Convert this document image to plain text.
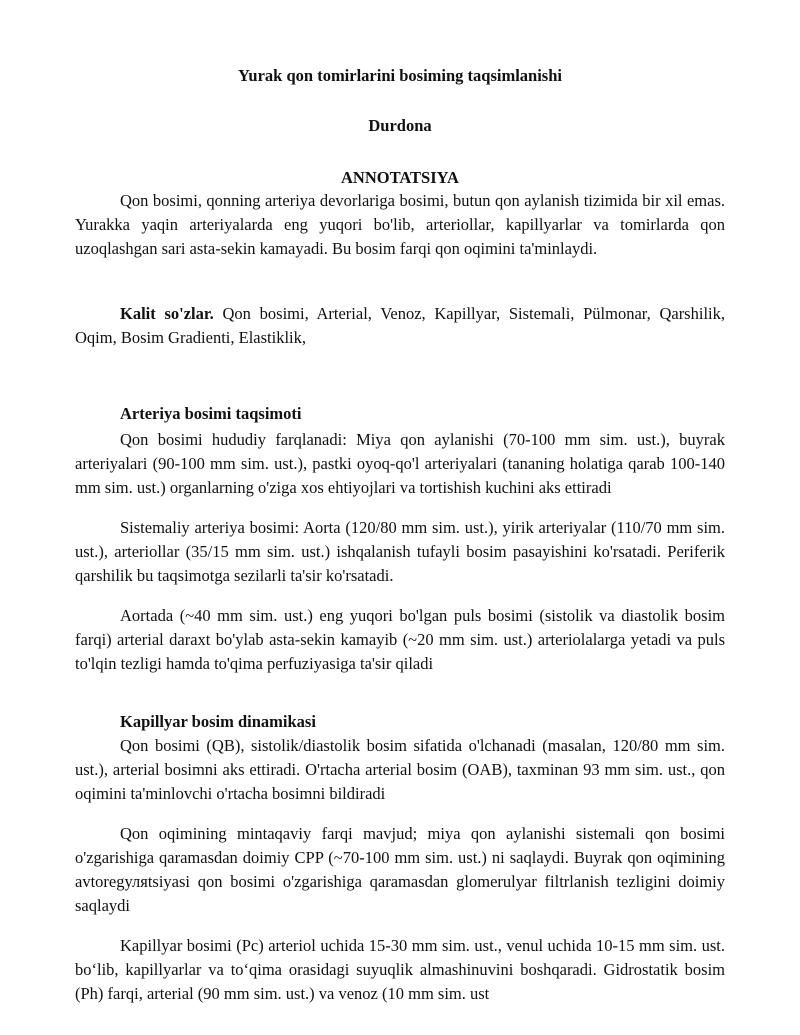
Yurak qon tomirlarini bosiming taqsimlanishi
Durdona
ANNOTATSIYA

Qon bosimi, qonning arteriya devorlariga bosimi, butun qon aylanish tizimida bir xil emas. Yurakka yaqin arteriyalarda eng yuqori bo'lib, arteriollar, kapillyarlar va tomirlarda qon uzoqlashgan sari asta-sekin kamayadi. Bu bosim farqi qon oqimini ta'minlaydi.

Kalit so'zlar. Qon bosimi, Arterial, Venoz, Kapillyar, Sistemali, Pülmonar, Qarshilik, Oqim, Bosim Gradienti, Elastiklik,

Arteriya bosimi taqsimoti

Qon bosimi hududiy farqlanadi: Miya qon aylanishi (70-100 mm sim. ust.), buyrak arteriyalari (90-100 mm sim. ust.), pastki oyoq-qo'l arteriyalari (tananing holatiga qarab 100-140 mm sim. ust.) organlarning o'ziga xos ehtiyojlari va tortishish kuchini aks ettiradi

Sistemaliy arteriya bosimi: Aorta (120/80 mm sim. ust.), yirik arteriyalar (110/70 mm sim. ust.), arteriollar (35/15 mm sim. ust.) ishqalanish tufayli bosim pasayishini ko'rsatadi. Periferik qarshilik bu taqsimotga sezilarli ta'sir ko'rsatadi.

Aortada (~40 mm sim. ust.) eng yuqori bo'lgan puls bosimi (sistolik va diastolik bosim farqi) arterial daraxt bo'ylab asta-sekin kamayib (~20 mm sim. ust.) arteriolalarga yetadi va puls to'lqin tezligi hamda to'qima perfuziyasiga ta'sir qiladi

Kapillyar bosim dinamikasi

Qon bosimi (QB), sistolik/diastolik bosim sifatida o'lchanadi (masalan, 120/80 mm sim. ust.), arterial bosimni aks ettiradi. O'rtacha arterial bosim (OAB), taxminan 93 mm sim. ust., qon oqimini ta'minlovchi o'rtacha bosimni bildiradi

Qon oqimining mintaqaviy farqi mavjud; miya qon aylanishi sistemali qon bosimi o'zgarishiga qaramasdan doimiy CPP (~70-100 mm sim. ust.) ni saqlaydi. Buyrak qon oqimining avtoregуляtsiyasi qon bosimi o'zgarishiga qaramasdan glomerulyar filtrlanish tezligini doimiy saqlaydi

Kapillyar bosimi (Pc) arteriol uchida 15-30 mm sim. ust., venul uchida 10-15 mm sim. ust. bo‘lib, kapillyarlar va to‘qima orasidagi suyuqlik almashinuvini boshqaradi. Gidrostatik bosim (Ph) farqi, arterial (90 mm sim. ust.) va venoz (10 mm sim. ust
